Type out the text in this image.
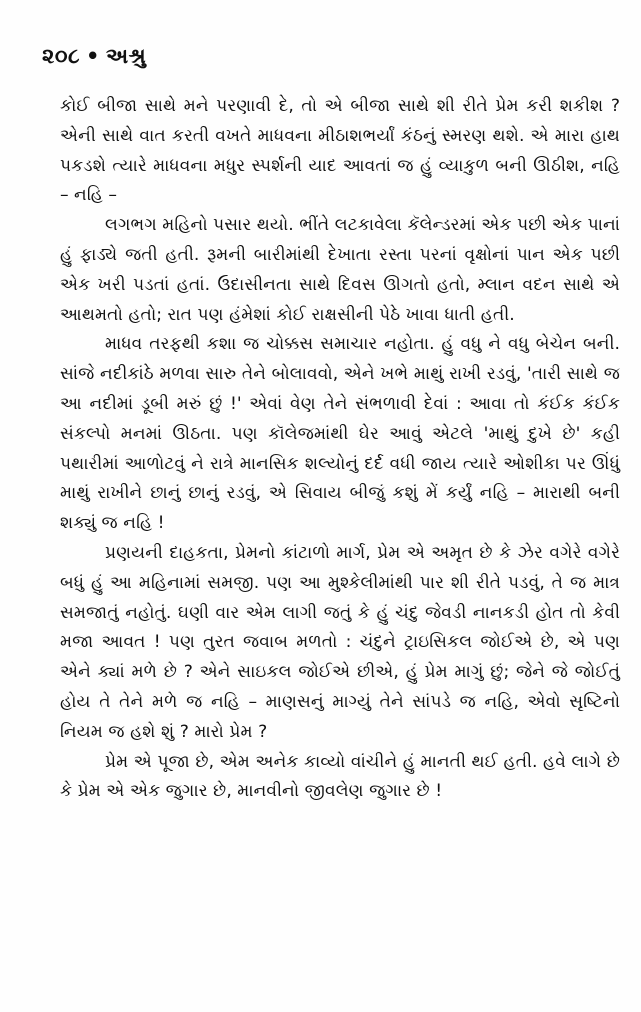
૨૦૮ • અશ્રુ

કોઈ બીજા સાથે મને પરણાવી દે, તો એ બીજા સાથે શી રીતે પ્રેમ કરી શકીશ ? એની સાથે વાત કરતી વખતે માધવના મીઠાશભર્યાં કંઠનું સ્મરણ થશે. એ મારા હાથ પકડશે ત્યારે માધવના મધુર સ્પર્શની યાદ આવતાં જ હું વ્યાકુળ બની ઊઠીશ, નહિ – નહિ –

લગભગ મહિનો પસાર થયો. ભીંતે લટકાવેલા કૅલેન્ડરમાં એક પછી એક પાનાં હું ફાડ્યે જતી હતી. રૂમની બારીમાંથી દેખાતા રસ્તા પરનાં વૃક્ષોનાં પાન એક પછી એક ખરી પડતાં હતાં. ઉદાસીનતા સાથે દિવસ ઊગતો હતો, મ્લાન વદન સાથે એ આથમતો હતો; રાત પણ હંમેશાં કોઈ રાક્ષસીની પેઠે ખાવા ધાતી હતી.

માધવ તરફથી કશા જ ચોક્કસ સમાચાર નહોતા. હું વધુ ને વધુ બેચેન બની. સાંજે નદીકાંઠે મળવા સારુ તેને બોલાવવો, એને ખભે માથું રાખી રડવું, 'તારી સાથે જ આ નદીમાં ડૂબી મરું છું !' એવાં વેણ તેને સંભળાવી દેવાં : આવા તો કંઈક કંઈક સંકલ્પો મનમાં ઊઠતા. પણ કૉલેજમાંથી ઘેર આવું એટલે 'માથું દુખે છે' કહી પથારીમાં આળોટવું ને રાત્રે માનસિક શલ્યોનું દર્દ વધી જાય ત્યારે ઓશીકા પર ઊંધું માથું રાખીને છાનું છાનું રડવું, એ સિવાય બીજું કશું મેં કર્યું નહિ – મારાથી બની શક્યું જ નહિ !

પ્રણયની દાહકતા, પ્રેમનો કાંટાળો માર્ગ, પ્રેમ એ અમૃત છે કે ઝેર વગેરે વગેરે બધું હું આ મહિનામાં સમજી. પણ આ મુશ્કેલીમાંથી પાર શી રીતે પડવું, તે જ માત્ર સમજાતું નહોતું. ઘણી વાર એમ લાગી જતું કે હું ચંદુ જેવડી નાનકડી હોત તો કેવી મજા આવત ! પણ તુરત જવાબ મળતો : ચંદુને ટ્રાઇસિકલ જોઈએ છે, એ પણ એને ક્યાં મળે છે ? એને સાઇકલ જોઈએ છીએ, હું પ્રેમ માગું છું; જેને જે જોઈતું હોય તે તેને મળે જ નહિ – માણસનું માગ્યું તેને સાંપડે જ નહિ, એવો સૃષ્ટિનો નિયમ જ હશે શું ? મારો પ્રેમ ?

પ્રેમ એ પૂજા છે, એમ અનેક કાવ્યો વાંચીને હું માનતી થઈ હતી. હવે લાગે છે કે પ્રેમ એ એક જુગાર છે, માનવીનો જીવલેણ જુગાર છે !
